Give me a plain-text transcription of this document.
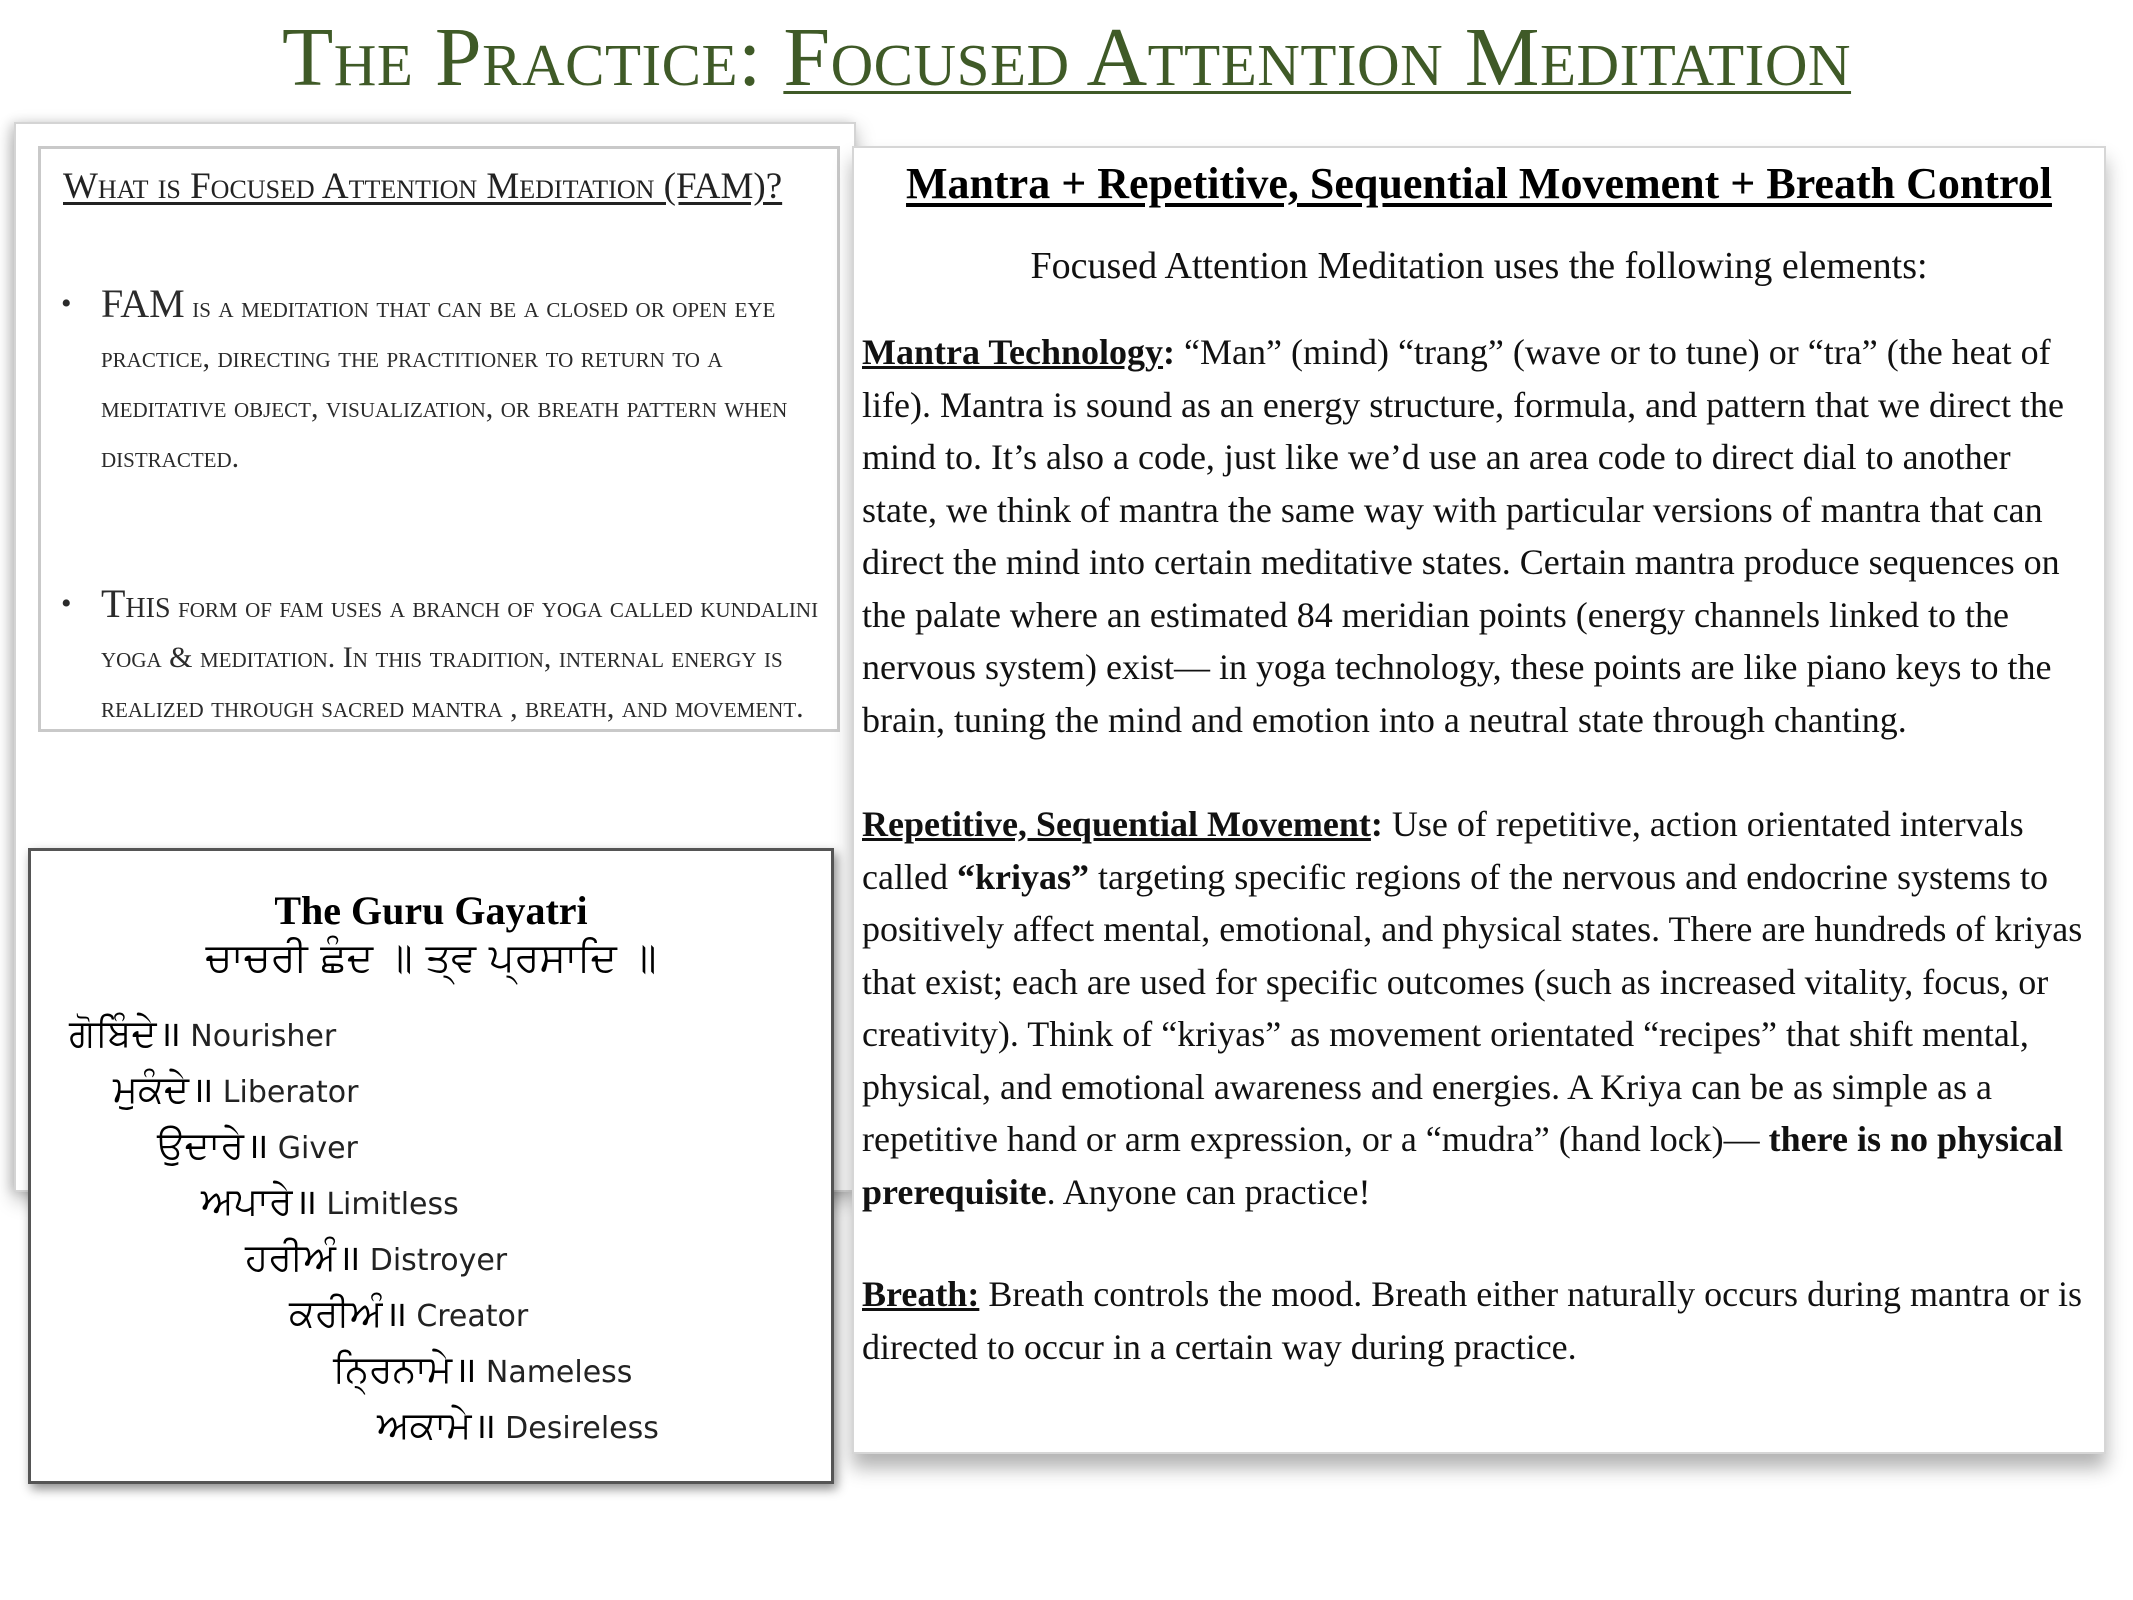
The Practice: Focused Attention Meditation
What is Focused Attention Meditation (FAM)?
• FAM is a meditation that can be a closed or open eye practice, directing the practitioner to return to a meditative object, visualization, or breath pattern when distracted.
• This form of fam uses a branch of yoga called kundalini yoga & meditation. In this tradition, internal energy is realized through sacred mantra , breath, and movement.
The Guru Gayatri
ਚਾਚਰੀ ਛੰਦ ॥ ਤ੍ਵ ਪ੍ਰਸਾਦਿ ॥
ਗੋਬਿੰਦੇ II Nourisher
ਮੁਕੰਦੇ II Liberator
ਉਦਾਰੇ II Giver
ਅਪਾਰੇ II Limitless
ਹਰੀਅੰ II Distroyer
ਕਰੀਅੰ II Creator
ਨ੍ਰਿਨਾਮੇ II Nameless
ਅਕਾਮੇ II Desireless
Mantra + Repetitive, Sequential Movement + Breath Control
Focused Attention Meditation uses the following elements:
Mantra Technology: “Man” (mind) “trang” (wave or to tune) or “tra” (the heat of life). Mantra is sound as an energy structure, formula, and pattern that we direct the mind to. It’s also a code, just like we’d use an area code to direct dial to another state, we think of mantra the same way with particular versions of mantra that can direct the mind into certain meditative states. Certain mantra produce sequences on the palate where an estimated 84 meridian points (energy channels linked to the nervous system) exist— in yoga technology, these points are like piano keys to the brain, tuning the mind and emotion into a neutral state through chanting.
Repetitive, Sequential Movement: Use of repetitive, action orientated intervals called “kriyas” targeting specific regions of the nervous and endocrine systems to positively affect mental, emotional, and physical states. There are hundreds of kriyas that exist; each are used for specific outcomes (such as increased vitality, focus, or creativity). Think of “kriyas” as movement orientated “recipes” that shift mental, physical, and emotional awareness and energies. A Kriya can be as simple as a repetitive hand or arm expression, or a “mudra” (hand lock)— there is no physical prerequisite. Anyone can practice!
Breath: Breath controls the mood. Breath either naturally occurs during mantra or is directed to occur in a certain way during practice.
